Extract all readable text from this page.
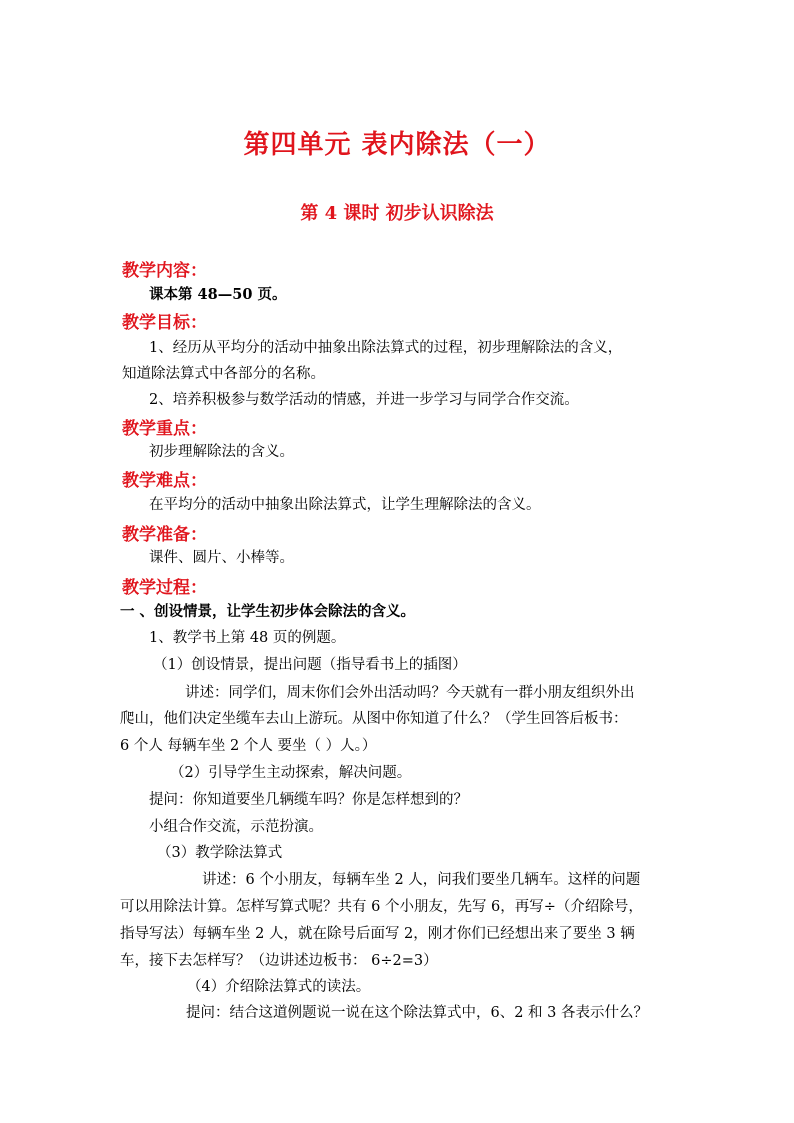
第四单元 表内除法（一）
第 4 课时 初步认识除法
教学内容：
课本第 48—50 页。
教学目标：
1、经历从平均分的活动中抽象出除法算式的过程，初步理解除法的含义，
知道除法算式中各部分的名称。
2、培养积极参与数学活动的情感，并进一步学习与同学合作交流。
教学重点：
初步理解除法的含义。
教学难点：
在平均分的活动中抽象出除法算式，让学生理解除法的含义。
教学准备：
课件、圆片、小棒等。
教学过程：
一 、创设情景，让学生初步体会除法的含义。
1、教学书上第 48 页的例题。
（1）创设情景，提出问题（指导看书上的插图）
讲述：同学们，周末你们会外出活动吗？今天就有一群小朋友组织外出
爬山，他们决定坐缆车去山上游玩。从图中你知道了什么？（学生回答后板书：
6 个人 每辆车坐 2 个人 要坐（ ）人。）
（2）引导学生主动探索，解决问题。
提问：你知道要坐几辆缆车吗？你是怎样想到的？
小组合作交流，示范扮演。
（3）教学除法算式
讲述：6 个小朋友，每辆车坐 2 人，问我们要坐几辆车。这样的问题
可以用除法计算。怎样写算式呢？共有 6 个小朋友，先写 6，再写÷（介绍除号，
指导写法）每辆车坐 2 人，就在除号后面写 2，刚才你们已经想出来了要坐 3 辆
车，接下去怎样写？（边讲述边板书： 6÷2=3）
（4）介绍除法算式的读法。
提问：结合这道例题说一说在这个除法算式中，6、2 和 3 各表示什么？
